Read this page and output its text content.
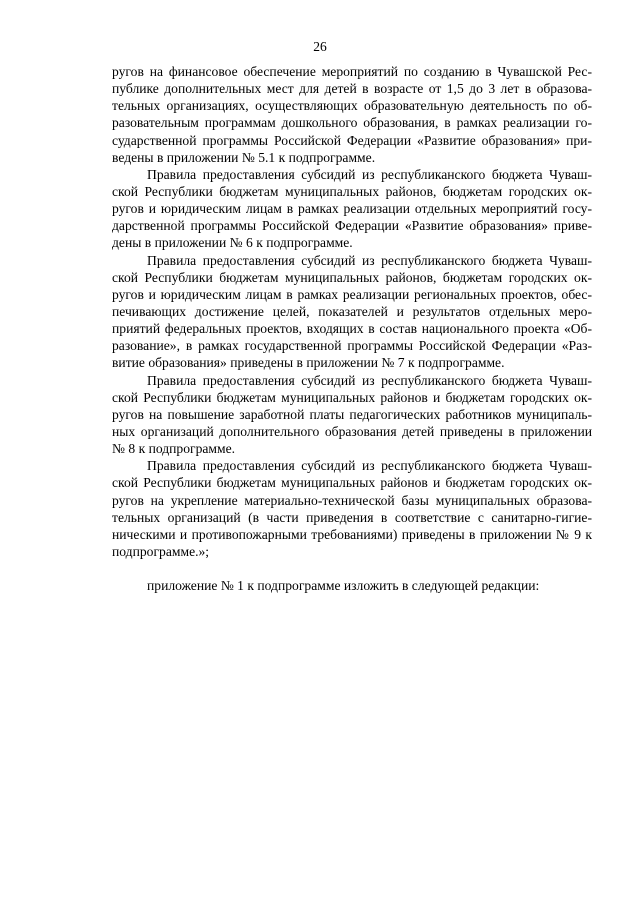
26
ругов на финансовое обеспечение мероприятий по созданию в Чувашской Рес-
публике дополнительных мест для детей в возрасте от 1,5 до 3 лет в образова-
тельных организациях, осуществляющих образовательную деятельность по об-
разовательным программам дошкольного образования, в рамках реализации го-
сударственной программы Российской Федерации «Развитие образования» при-
ведены в приложении № 5.1 к подпрограмме.
Правила предоставления субсидий из республиканского бюджета Чуваш-
ской Республики бюджетам муниципальных районов, бюджетам городских ок-
ругов и юридическим лицам в рамках реализации отдельных мероприятий госу-
дарственной программы Российской Федерации «Развитие образования» приве-
дены в приложении № 6 к подпрограмме.
Правила предоставления субсидий из республиканского бюджета Чуваш-
ской Республики бюджетам муниципальных районов, бюджетам городских ок-
ругов и юридическим лицам в рамках реализации региональных проектов, обес-
печивающих достижение целей, показателей и результатов отдельных меро-
приятий федеральных проектов, входящих в состав национального проекта «Об-
разование», в рамках государственной программы Российской Федерации «Раз-
витие образования» приведены в приложении № 7 к подпрограмме.
Правила предоставления субсидий из республиканского бюджета Чуваш-
ской Республики бюджетам муниципальных районов и бюджетам городских ок-
ругов на повышение заработной платы педагогических работников муниципаль-
ных организаций дополнительного образования детей приведены в приложении
№ 8 к подпрограмме.
Правила предоставления субсидий из республиканского бюджета Чуваш-
ской Республики бюджетам муниципальных районов и бюджетам городских ок-
ругов на укрепление материально-технической базы муниципальных образова-
тельных организаций (в части приведения в соответствие с санитарно-гигие-
ническими и противопожарными требованиями) приведены в приложении № 9 к
подпрограмме.»;
приложение № 1 к подпрограмме изложить в следующей редакции:
